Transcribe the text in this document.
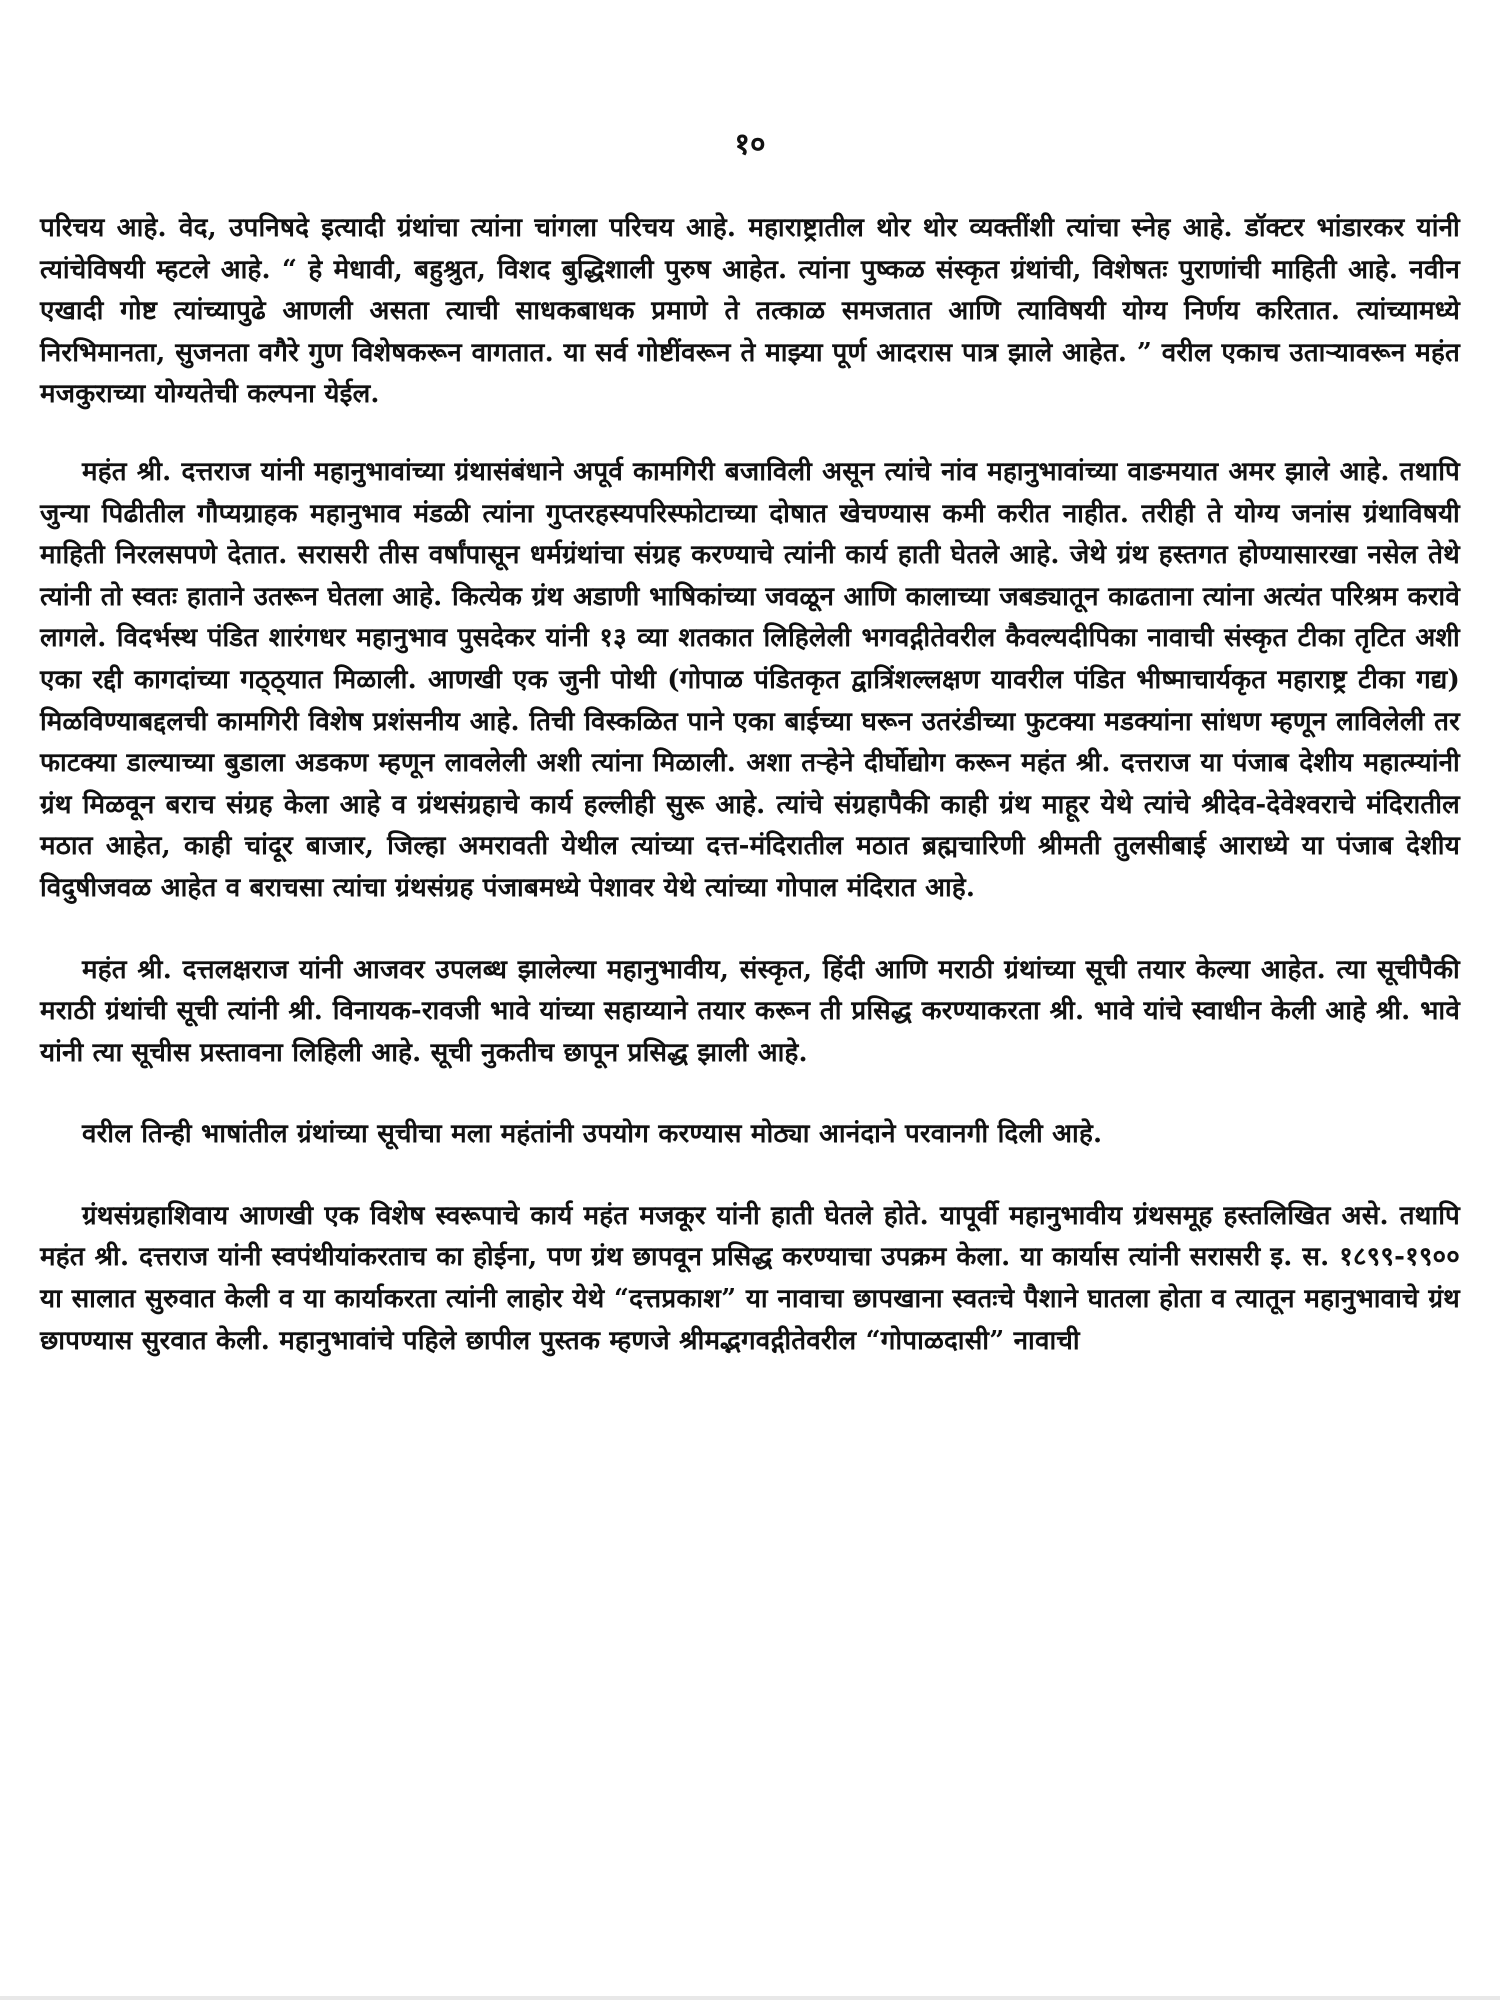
१०

परिचय आहे. वेद, उपनिषदे इत्यादी ग्रंथांचा त्यांना चांगला परिचय आहे. महाराष्ट्रातील थोर थोर व्यक्तींशी त्यांचा स्नेह आहे. डॉक्टर भांडारकर यांनी त्यांचेविषयी म्हटले आहे. “ हे मेधावी, बहुश्रुत, विशद बुद्धिशाली पुरुष आहेत. त्यांना पुष्कळ संस्कृत ग्रंथांची, विशेषतः पुराणांची माहिती आहे. नवीन एखादी गोष्ट त्यांच्यापुढे आणली असता त्याची साधकबाधक प्रमाणे ते तत्काळ समजतात आणि त्याविषयी योग्य निर्णय करितात. त्यांच्यामध्ये निरभिमानता, सुजनता वगैरे गुण विशेषकरून वागतात. या सर्व गोष्टींवरून ते माझ्या पूर्ण आदरास पात्र झाले आहेत. ” वरील एकाच उताऱ्यावरून महंत मजकुराच्या योग्यतेची कल्पना येईल.

महंत श्री. दत्तराज यांनी महानुभावांच्या ग्रंथासंबंधाने अपूर्व कामगिरी बजाविली असून त्यांचे नांव महानुभावांच्या वाङमयात अमर झाले आहे. तथापि जुन्या पिढीतील गौप्यग्राहक महानुभाव मंडळी त्यांना गुप्तरहस्यपरिस्फोटाच्या दोषात खेचण्यास कमी करीत नाहीत. तरीही ते योग्य जनांस ग्रंथाविषयी माहिती निरलसपणे देतात. सरासरी तीस वर्षांपासून धर्मग्रंथांचा संग्रह करण्याचे त्यांनी कार्य हाती घेतले आहे. जेथे ग्रंथ हस्तगत होण्यासारखा नसेल तेथे त्यांनी तो स्वतः हाताने उतरून घेतला आहे. कित्येक ग्रंथ अडाणी भाषिकांच्या जवळून आणि कालाच्या जबड्यातून काढताना त्यांना अत्यंत परिश्रम करावे लागले. विदर्भस्थ पंडित शारंगधर महानुभाव पुसदेकर यांनी १३ व्या शतकात लिहिलेली भगवद्गीतेवरील कैवल्यदीपिका नावाची संस्कृत टीका तृटित अशी एका रद्दी कागदांच्या गठ्ठ्यात मिळाली. आणखी एक जुनी पोथी (गोपाळ पंडितकृत द्वात्रिंशल्लक्षण यावरील पंडित भीष्माचार्यकृत महाराष्ट्र टीका गद्य) मिळविण्याबद्दलची कामगिरी विशेष प्रशंसनीय आहे. तिची विस्कळित पाने एका बाईच्या घरून उतरंडीच्या फुटक्या मडक्यांना सांधण म्हणून लाविलेली तर फाटक्या डाल्याच्या बुडाला अडकण म्हणून लावलेली अशी त्यांना मिळाली. अशा तऱ्हेने दीर्घोद्योग करून महंत श्री. दत्तराज या पंजाब देशीय महात्म्यांनी ग्रंथ मिळवून बराच संग्रह केला आहे व ग्रंथसंग्रहाचे कार्य हल्लीही सुरू आहे. त्यांचे संग्रहापैकी काही ग्रंथ माहूर येथे त्यांचे श्रीदेव-देवेश्वराचे मंदिरातील मठात आहेत, काही चांदूर बाजार, जिल्हा अमरावती येथील त्यांच्या दत्त-मंदिरातील मठात ब्रह्मचारिणी श्रीमती तुलसीबाई आराध्ये या पंजाब देशीय विदुषीजवळ आहेत व बराचसा त्यांचा ग्रंथसंग्रह पंजाबमध्ये पेशावर येथे त्यांच्या गोपाल मंदिरात आहे.

महंत श्री. दत्तलक्षराज यांनी आजवर उपलब्ध झालेल्या महानुभावीय, संस्कृत, हिंदी आणि मराठी ग्रंथांच्या सूची तयार केल्या आहेत. त्या सूचीपैकी मराठी ग्रंथांची सूची त्यांनी श्री. विनायक-रावजी भावे यांच्या सहाय्याने तयार करून ती प्रसिद्ध करण्याकरता श्री. भावे यांचे स्वाधीन केली आहे श्री. भावे यांनी त्या सूचीस प्रस्तावना लिहिली आहे. सूची नुकतीच छापून प्रसिद्ध झाली आहे.

वरील तिन्ही भाषांतील ग्रंथांच्या सूचीचा मला महंतांनी उपयोग करण्यास मोठ्या आनंदाने परवानगी दिली आहे.

ग्रंथसंग्रहाशिवाय आणखी एक विशेष स्वरूपाचे कार्य महंत मजकूर यांनी हाती घेतले होते. यापूर्वी महानुभावीय ग्रंथसमूह हस्तलिखित असे. तथापि महंत श्री. दत्तराज यांनी स्वपंथीयांकरताच का होईना, पण ग्रंथ छापवून प्रसिद्ध करण्याचा उपक्रम केला. या कार्यास त्यांनी सरासरी इ. स. १८९९-१९०० या सालात सुरुवात केली व या कार्याकरता त्यांनी लाहोर येथे “दत्तप्रकाश” या नावाचा छापखाना स्वतःचे पैशाने घातला होता व त्यातून महानुभावाचे ग्रंथ छापण्यास सुरवात केली. महानुभावांचे पहिले छापील पुस्तक म्हणजे श्रीमद्भगवद्गीतेवरील “गोपाळदासी” नावाची
